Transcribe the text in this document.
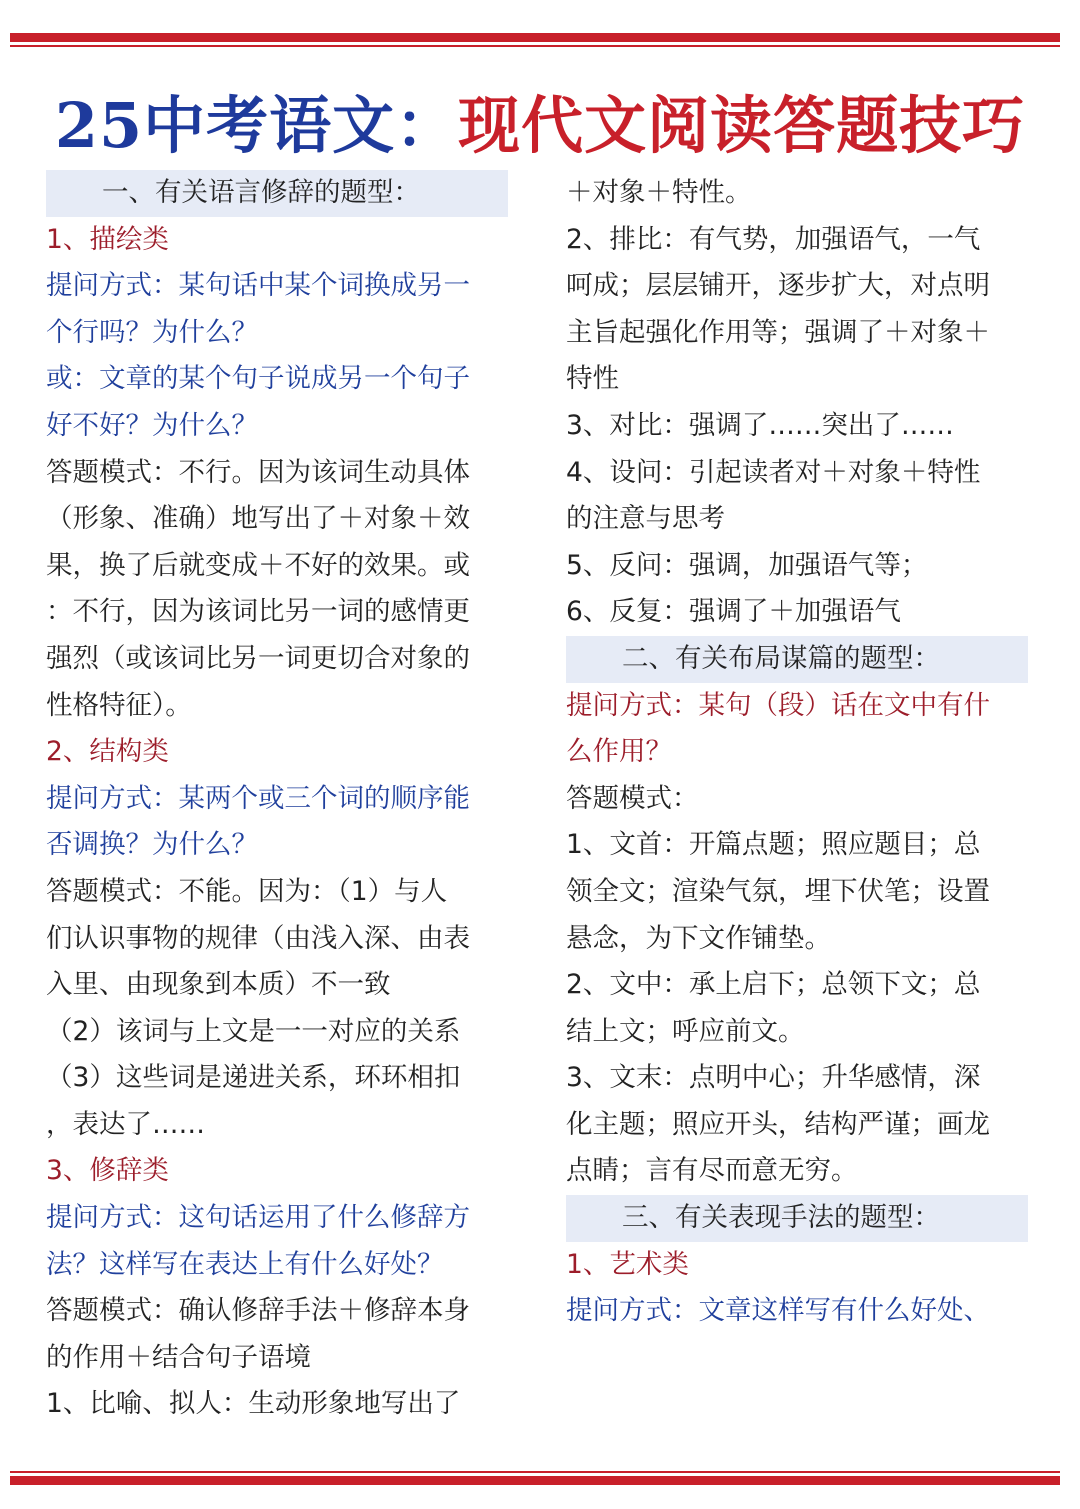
25中考语文：现代文阅读答题技巧
一、有关语言修辞的题型：
1、描绘类
提问方式：某句话中某个词换成另一
个行吗？为什么？
或：文章的某个句子说成另一个句子
好不好？为什么？
答题模式：不行。因为该词生动具体
（形象、准确）地写出了＋对象＋效
果，换了后就变成＋不好的效果。或
：不行，因为该词比另一词的感情更
强烈（或该词比另一词更切合对象的
性格特征）。
2、结构类
提问方式：某两个或三个词的顺序能
否调换？为什么？
答题模式：不能。因为：（1）与人
们认识事物的规律（由浅入深、由表
入里、由现象到本质）不一致
（2）该词与上文是一一对应的关系
（3）这些词是递进关系，环环相扣
，表达了……
3、修辞类
提问方式：这句话运用了什么修辞方
法？这样写在表达上有什么好处？
答题模式：确认修辞手法＋修辞本身
的作用＋结合句子语境
1、比喻、拟人：生动形象地写出了
＋对象＋特性。
2、排比：有气势，加强语气，一气
呵成；层层铺开，逐步扩大，对点明
主旨起强化作用等；强调了＋对象＋
特性
3、对比：强调了……突出了……
4、设问：引起读者对＋对象＋特性
的注意与思考
5、反问：强调，加强语气等；
6、反复：强调了＋加强语气
二、有关布局谋篇的题型：
提问方式：某句（段）话在文中有什
么作用？
答题模式：
1、文首：开篇点题；照应题目；总
领全文；渲染气氛，埋下伏笔；设置
悬念，为下文作铺垫。
2、文中：承上启下；总领下文；总
结上文；呼应前文。
3、文末：点明中心；升华感情，深
化主题；照应开头，结构严谨；画龙
点睛；言有尽而意无穷。
三、有关表现手法的题型：
1、艺术类
提问方式：文章这样写有什么好处、
